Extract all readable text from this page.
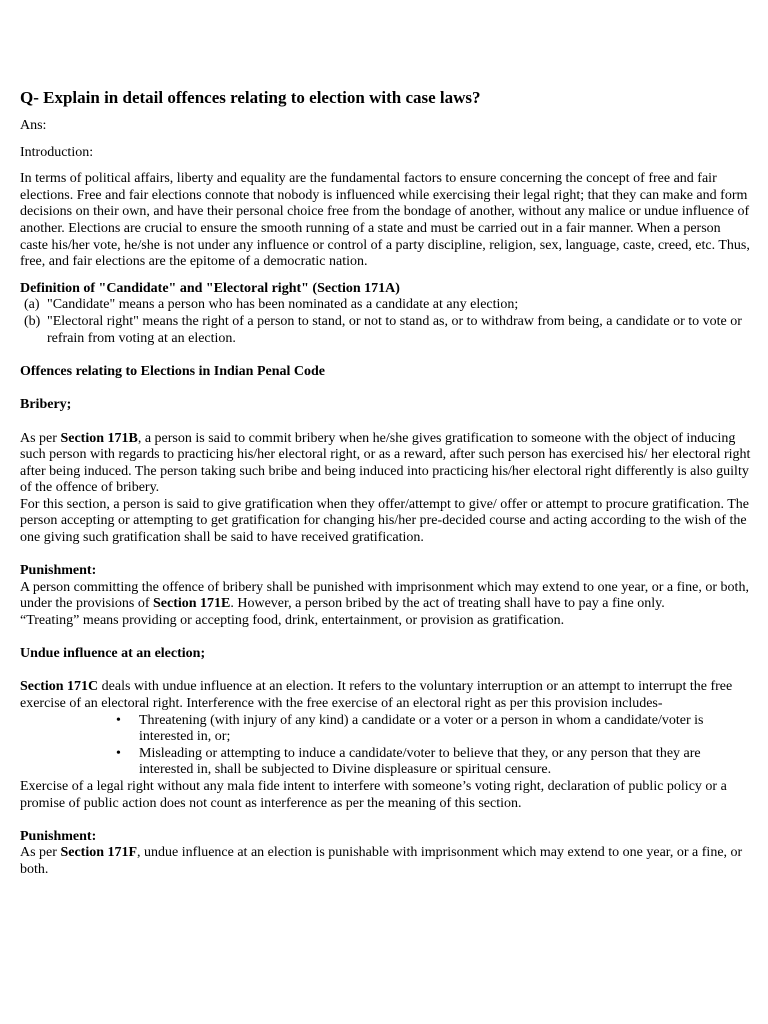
Q- Explain in detail offences relating to election with case laws?

Ans:

Introduction:

In terms of political affairs, liberty and equality are the fundamental factors to ensure concerning the concept of free and fair elections. Free and fair elections connote that nobody is influenced while exercising their legal right; that they can make and form decisions on their own, and have their personal choice free from the bondage of another, without any malice or undue influence of another. Elections are crucial to ensure the smooth running of a state and must be carried out in a fair manner. When a person caste his/her vote, he/she is not under any influence or control of a party discipline, religion, sex, language, caste, creed, etc. Thus, free, and fair elections are the epitome of a democratic nation.

Definition of "Candidate" and "Electoral right" (Section 171A)

(a) "Candidate" means a person who has been nominated as a candidate at any election;
(b) "Electoral right" means the right of a person to stand, or not to stand as, or to withdraw from being, a candidate or to vote or refrain from voting at an election.

Offences relating to Elections in Indian Penal Code

Bribery;

As per Section 171B, a person is said to commit bribery when he/she gives gratification to someone with the object of inducing such person with regards to practicing his/her electoral right, or as a reward, after such person has exercised his/ her electoral right after being induced. The person taking such bribe and being induced into practicing his/her electoral right differently is also guilty of the offence of bribery.

For this section, a person is said to give gratification when they offer/attempt to give/ offer or attempt to procure gratification. The person accepting or attempting to get gratification for changing his/her pre-decided course and acting according to the wish of the one giving such gratification shall be said to have received gratification.

Punishment:

A person committing the offence of bribery shall be punished with imprisonment which may extend to one year, or a fine, or both, under the provisions of Section 171E. However, a person bribed by the act of treating shall have to pay a fine only.

“Treating” means providing or accepting food, drink, entertainment, or provision as gratification.

Undue influence at an election;

Section 171C deals with undue influence at an election. It refers to the voluntary interruption or an attempt to interrupt the free exercise of an electoral right. Interference with the free exercise of an electoral right as per this provision includes-

• Threatening (with injury of any kind) a candidate or a voter or a person in whom a candidate/voter is interested in, or;
• Misleading or attempting to induce a candidate/voter to believe that they, or any person that they are interested in, shall be subjected to Divine displeasure or spiritual censure.

Exercise of a legal right without any mala fide intent to interfere with someone’s voting right, declaration of public policy or a promise of public action does not count as interference as per the meaning of this section.

Punishment:

As per Section 171F, undue influence at an election is punishable with imprisonment which may extend to one year, or a fine, or both.
